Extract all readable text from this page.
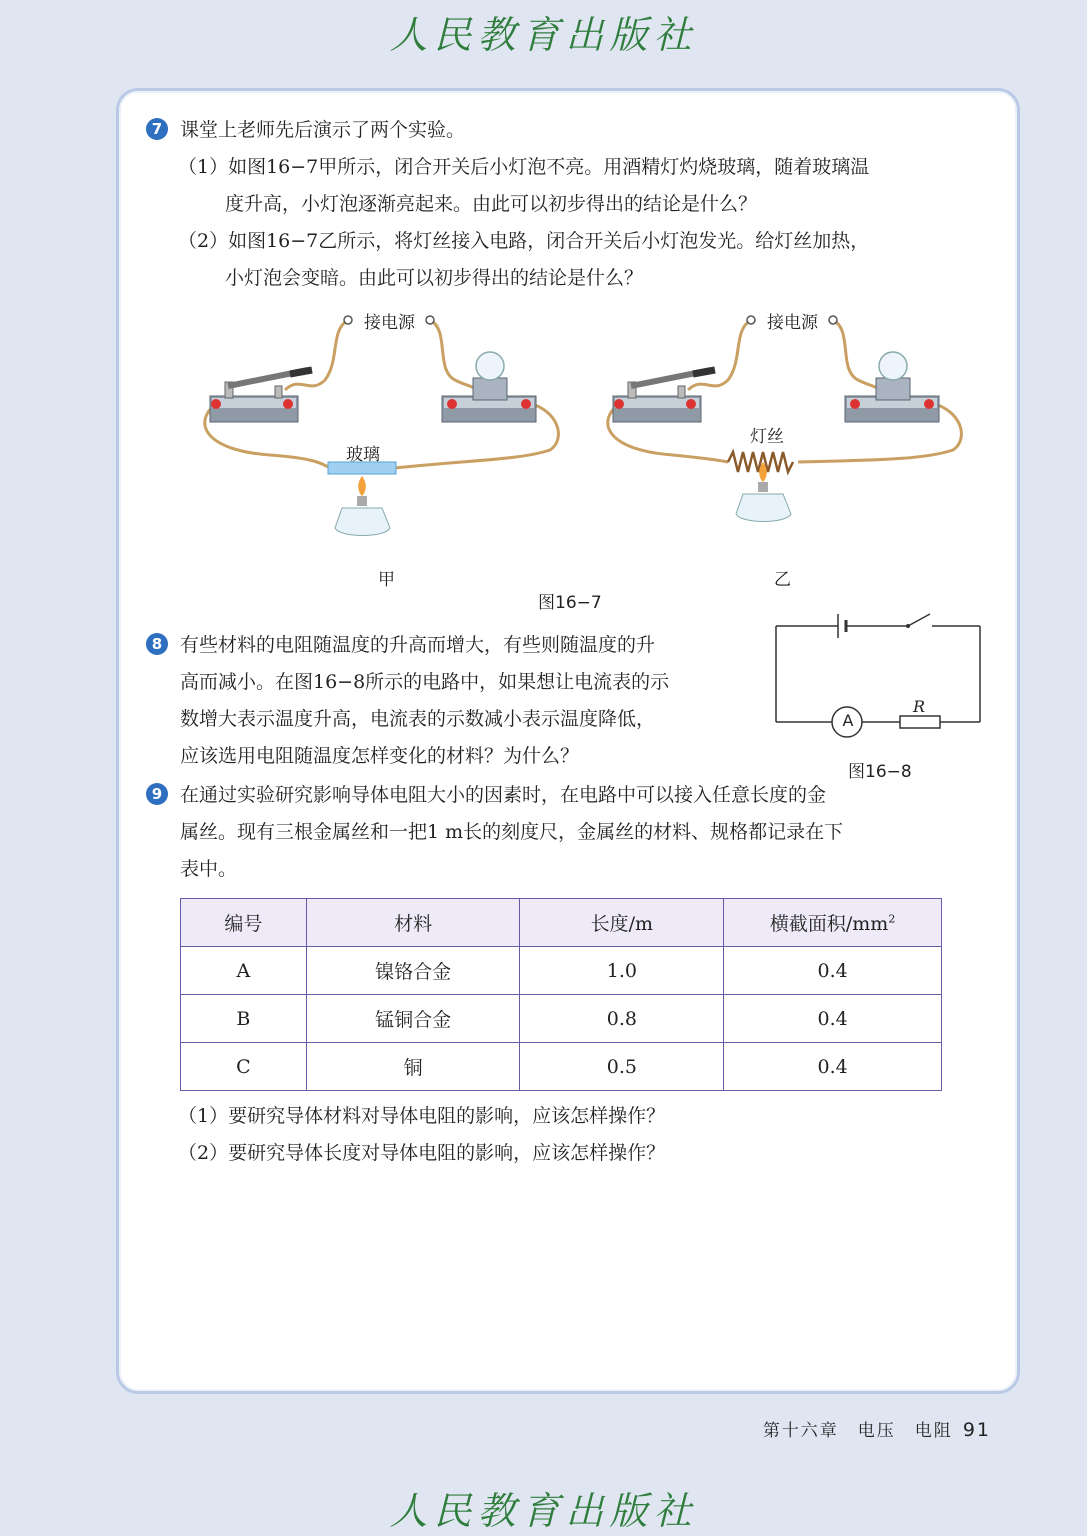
人民教育出版社
7 课堂上老师先后演示了两个实验。
（1）如图16−7甲所示，闭合开关后小灯泡不亮。用酒精灯灼烧玻璃，随着玻璃温
度升高，小灯泡逐渐亮起来。由此可以初步得出的结论是什么？
（2）如图16−7乙所示，将灯丝接入电路，闭合开关后小灯泡发光。给灯丝加热，
小灯泡会变暗。由此可以初步得出的结论是什么？
接电源	接电源
玻璃
灯丝
甲	乙
图16−7
8 有些材料的电阻随温度的升高而增大，有些则随温度的升
高而减小。在图16−8所示的电路中，如果想让电流表的示
数增大表示温度升高，电流表的示数减小表示温度降低，
应该选用电阻随温度怎样变化的材料？为什么？
A
R
图16−8
9 在通过实验研究影响导体电阻大小的因素时，在电路中可以接入任意长度的金
属丝。现有三根金属丝和一把1 m长的刻度尺，金属丝的材料、规格都记录在下
表中。
编号	材料	长度/m	横截面积$/mm^2$
A	镍铬合金	1.0	0.4
B	锰铜合金	0.8	0.4
C	铜	0.5	0.4
（1）要研究导体材料对导体电阻的影响，应该怎样操作？
（2）要研究导体长度对导体电阻的影响，应该怎样操作？
第十六章　电压　电阻 91
人民教育出版社
